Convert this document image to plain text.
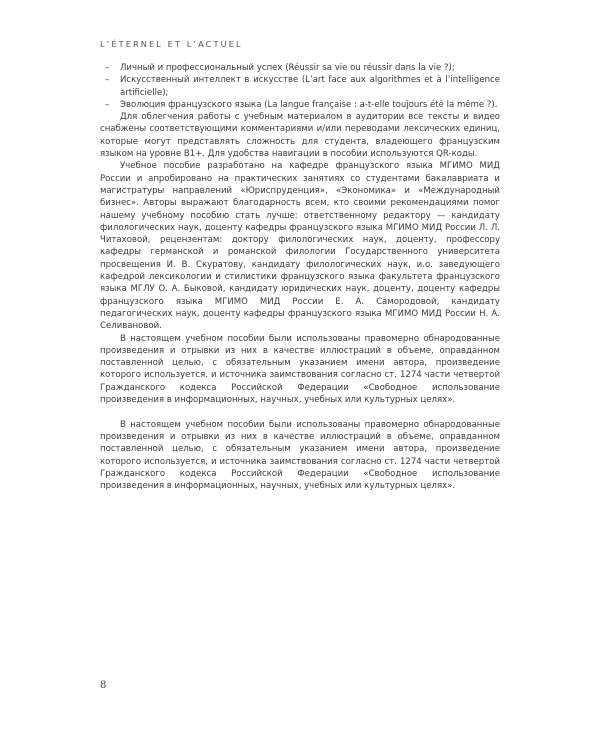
L’ÉTERNEL ET L’ACTUEL
– Личный и профессиональный успех (Réussir sa vie ou réussir dans la vie ?);
– Искусственный интеллект в искусстве (L’art face aux algorithmes et à l’intelligence artificielle);
– Эволюция французского языка (La langue française : a-t-elle toujours été la même ?).

Для облегчения работы с учебным материалом в аудитории все тексты и видео снабжены соответствующими комментариями и/или переводами лексических единиц, которые могут представлять сложность для студента, владеющего французским языком на уровне B1+. Для удобства навигации в пособии используются QR-коды.

Учебное пособие разработано на кафедре французского языка МГИМО МИД России и апробировано на практических занятиях со студентами бакалавриата и магистратуры направлений «Юриспруденция», «Экономика» и «Международный бизнес». Авторы выражают благодарность всем, кто своими рекомендациями помог нашему учебному пособию стать лучше: ответственному редактору — кандидату филологических наук, доценту кафедры французского языка МГИМО МИД России Л. Л. Читаховой, рецензентам: доктору филологических наук, доценту, профессору кафедры германской и романской филологии Государственного университета просвещения И. В. Скуратову, кандидату филологических наук, и.о. заведующего кафедрой лексикологии и стилистики французского языка факультета французского языка МГЛУ О. А. Быковой, кандидату юридических наук, доценту, доценту кафедры французского языка МГИМО МИД России Е. А. Самородовой, кандидату педагогических наук, доценту кафедры французского языка МГИМО МИД России Н. А. Селивановой.

В настоящем учебном пособии были использованы правомерно обнародованные произведения и отрывки из них в качестве иллюстраций в объеме, оправданном поставленной целью, с обязательным указанием имени автора, произведение которого используется, и источника заимствования согласно ст. 1274 части четвертой Гражданского кодекса Российской Федерации «Свободное использование произведения в информационных, научных, учебных или культурных целях».

В настоящем учебном пособии были использованы правомерно обнародованные произведения и отрывки из них в качестве иллюстраций в объеме, оправданном поставленной целью, с обязательным указанием имени автора, произведение которого используется, и источника заимствования согласно ст. 1274 части четвертой Гражданского кодекса Российской Федерации «Свободное использование произведения в информационных, научных, учебных или культурных целях».

8
